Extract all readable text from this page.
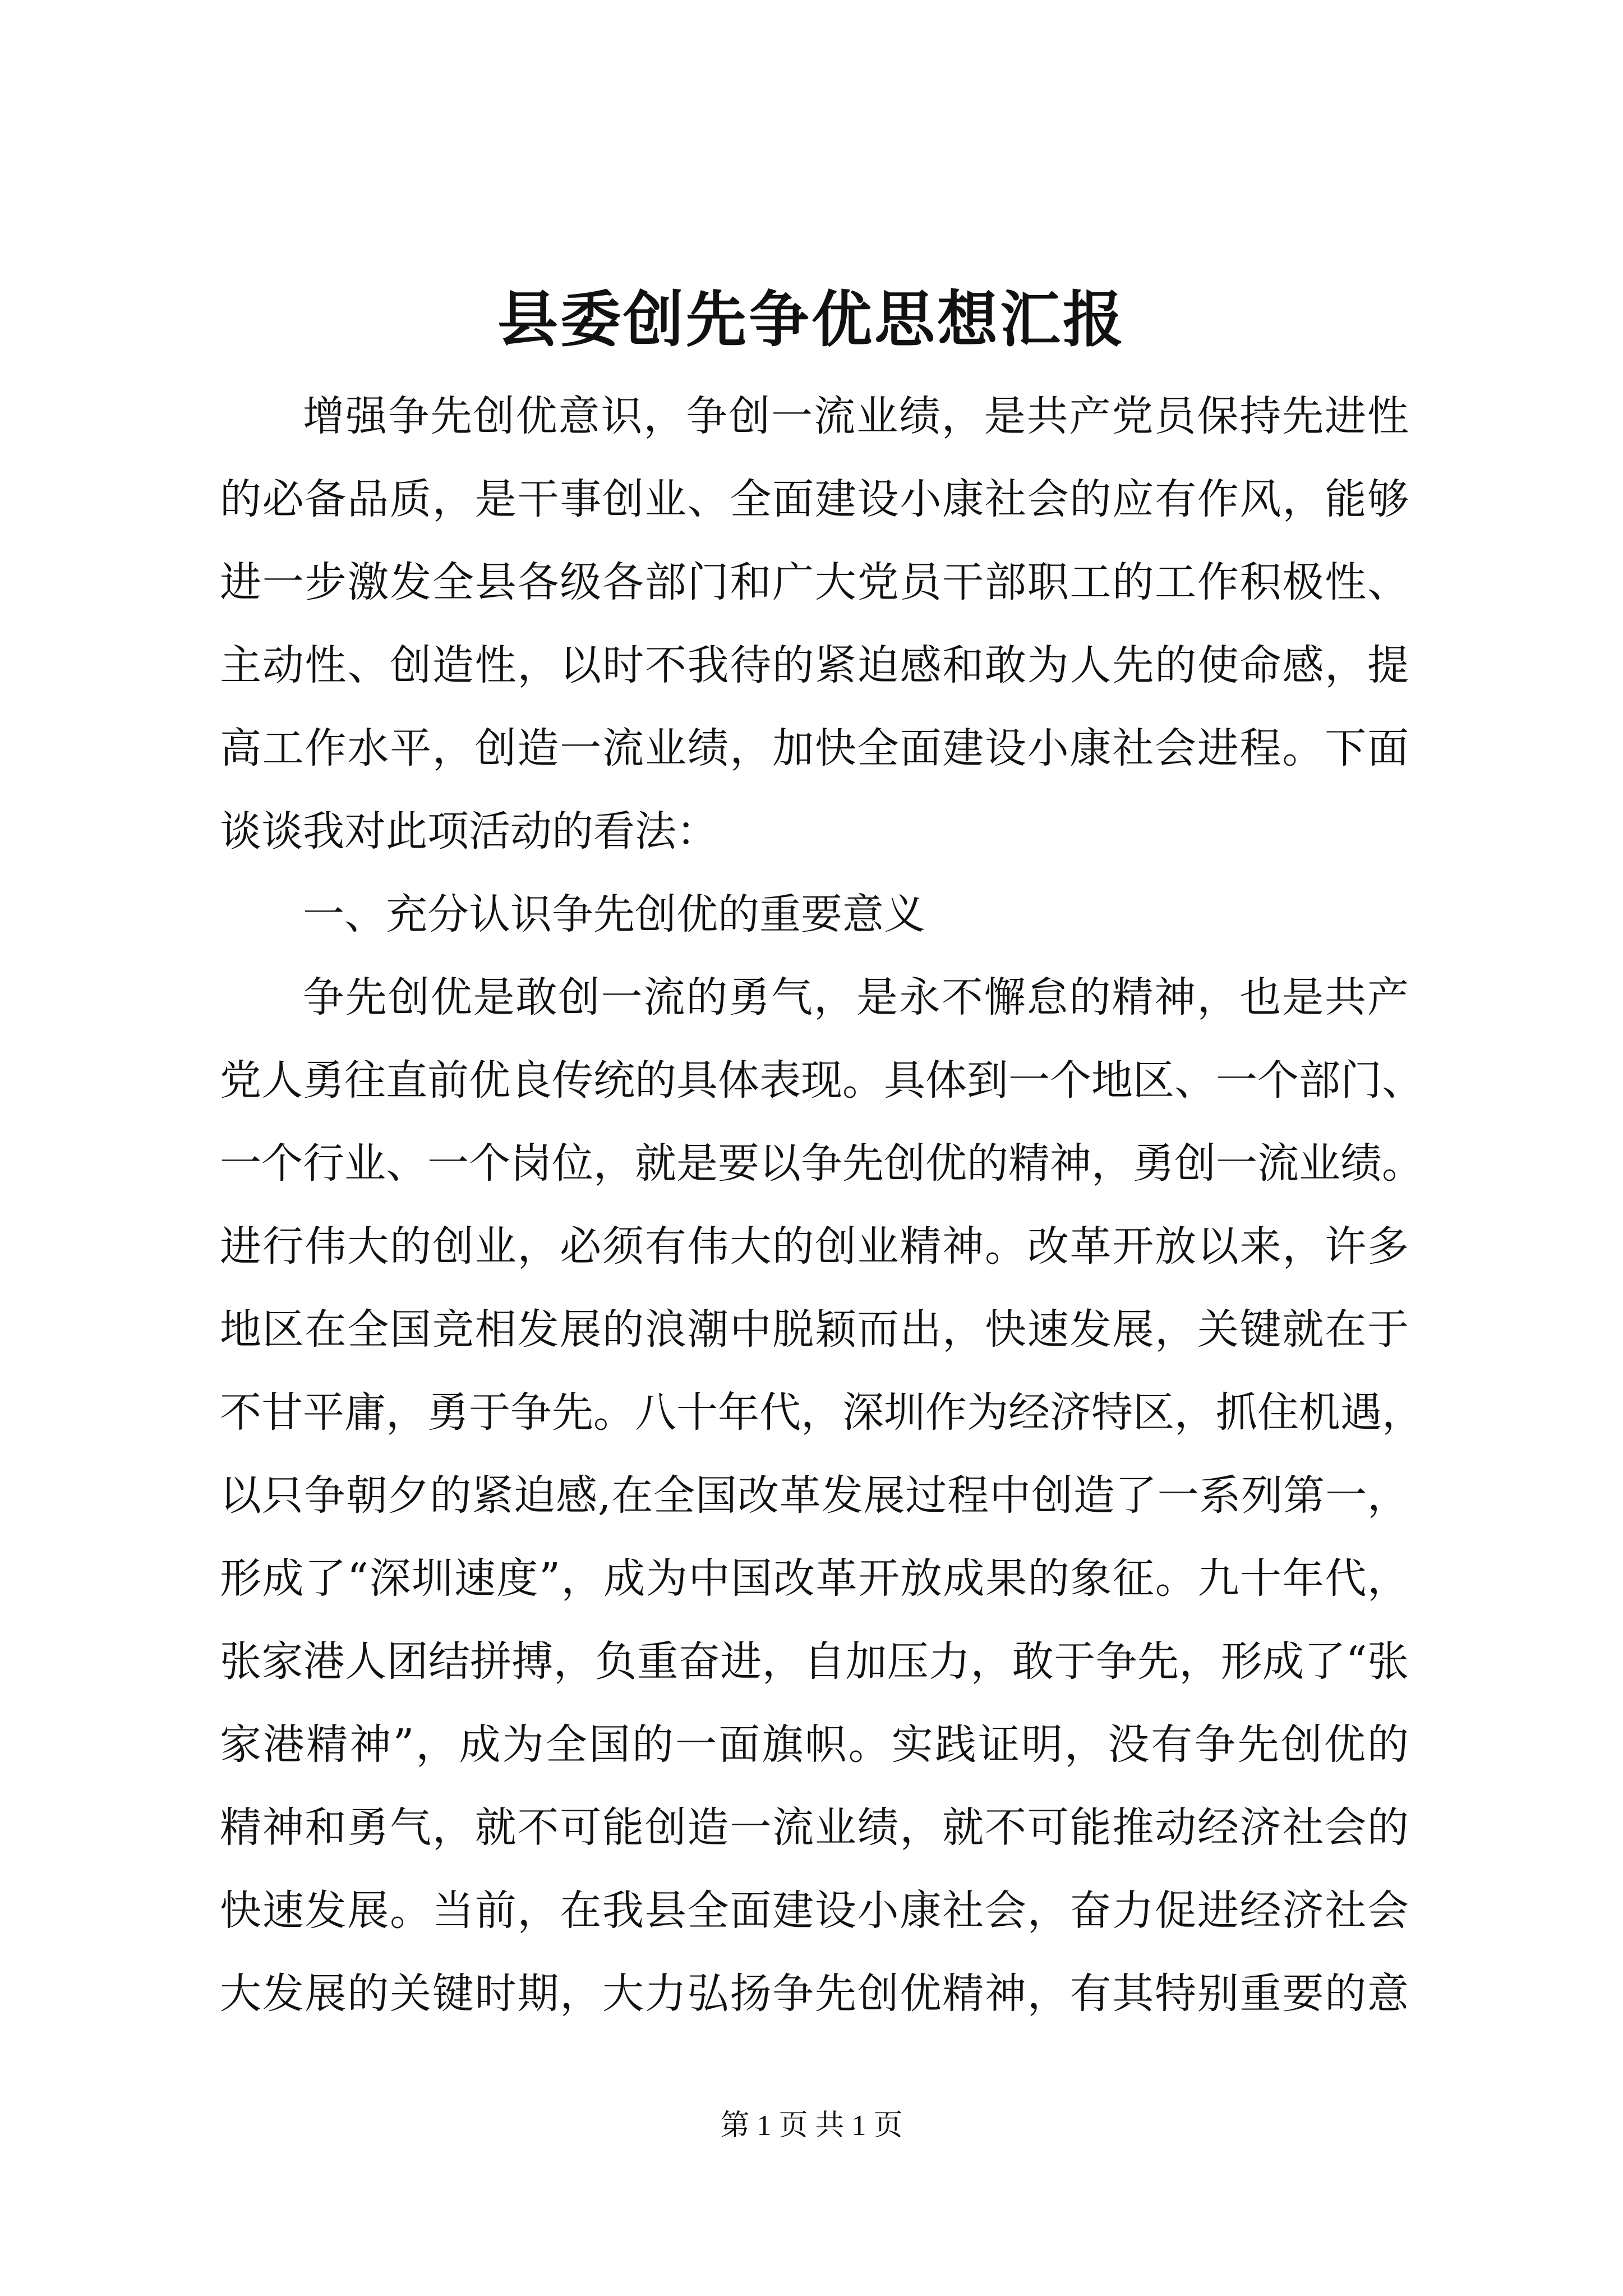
县委创先争优思想汇报
增强争先创优意识，争创一流业绩，是共产党员保持先进性
的必备品质，是干事创业、全面建设小康社会的应有作风，能够
进一步激发全县各级各部门和广大党员干部职工的工作积极性、
主动性、创造性，以时不我待的紧迫感和敢为人先的使命感，提
高工作水平，创造一流业绩，加快全面建设小康社会进程。下面
谈谈我对此项活动的看法：
一、充分认识争先创优的重要意义
争先创优是敢创一流的勇气，是永不懈怠的精神，也是共产
党人勇往直前优良传统的具体表现。具体到一个地区、一个部门、
一个行业、一个岗位，就是要以争先创优的精神，勇创一流业绩。
进行伟大的创业，必须有伟大的创业精神。改革开放以来，许多
地区在全国竞相发展的浪潮中脱颖而出，快速发展，关键就在于
不甘平庸，勇于争先。八十年代，深圳作为经济特区，抓住机遇，
以只争朝夕的紧迫感,在全国改革发展过程中创造了一系列第一，
形成了“深圳速度”，成为中国改革开放成果的象征。九十年代，
张家港人团结拼搏，负重奋进，自加压力，敢于争先，形成了“张
家港精神”，成为全国的一面旗帜。实践证明，没有争先创优的
精神和勇气，就不可能创造一流业绩，就不可能推动经济社会的
快速发展。当前，在我县全面建设小康社会，奋力促进经济社会
大发展的关键时期，大力弘扬争先创优精神，有其特别重要的意
第 1 页 共 1 页
